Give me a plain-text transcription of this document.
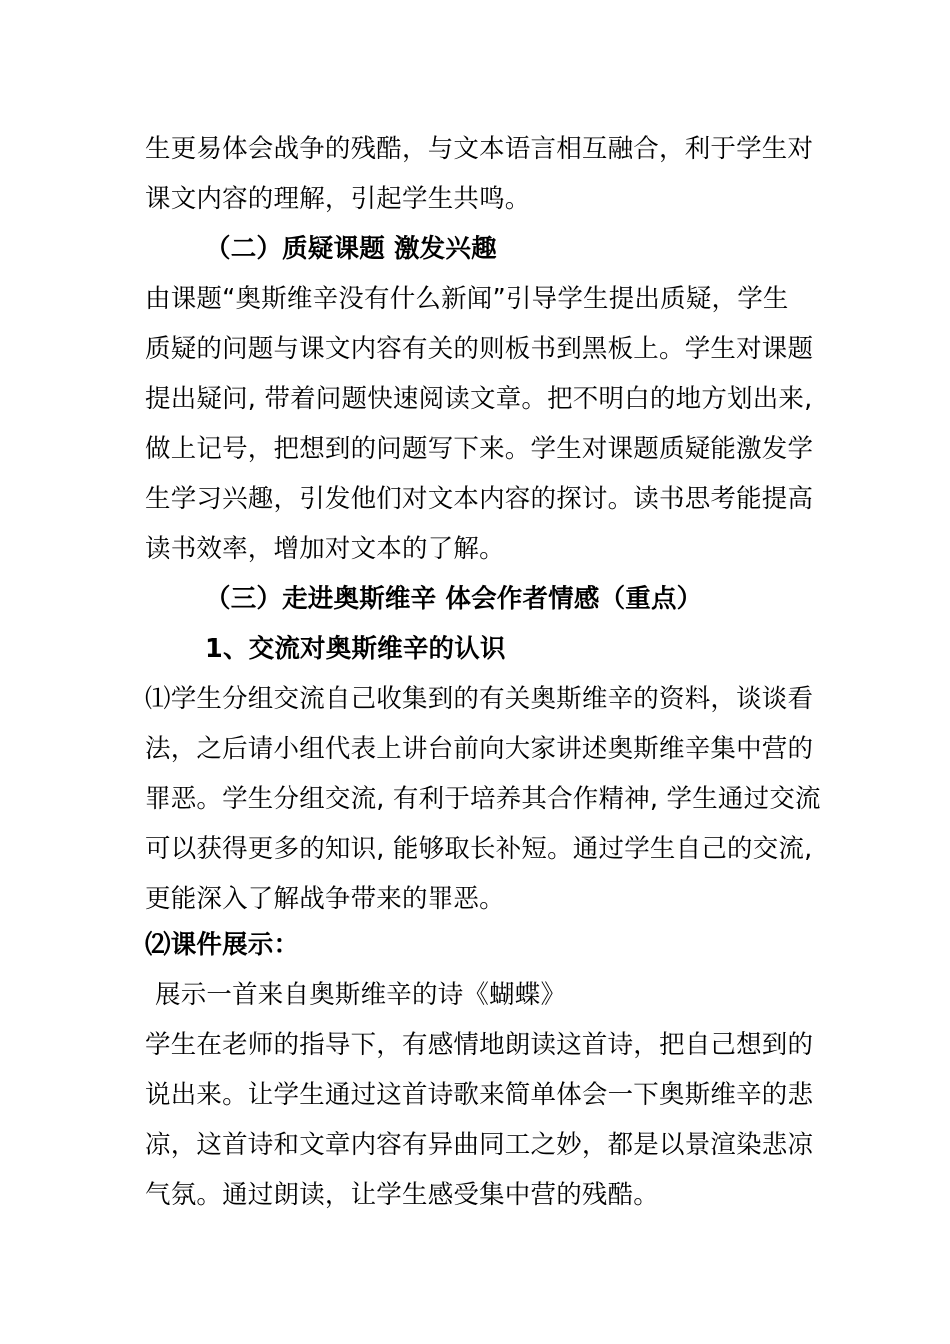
生更易体会战争的残酷，与文本语言相互融合，利于学生对
课文内容的理解，引起学生共鸣。
（二）质疑课题 激发兴趣
由课题“奥斯维辛没有什么新闻”引导学生提出质疑，学生
质疑的问题与课文内容有关的则板书到黑板上。学生对课题
提出疑问, 带着问题快速阅读文章。把不明白的地方划出来,
做上记号，把想到的问题写下来。学生对课题质疑能激发学
生学习兴趣，引发他们对文本内容的探讨。读书思考能提高
读书效率，增加对文本的了解。
（三）走进奥斯维辛 体会作者情感（重点）
1、交流对奥斯维辛的认识
⑴学生分组交流自己收集到的有关奥斯维辛的资料，谈谈看
法，之后请小组代表上讲台前向大家讲述奥斯维辛集中营的
罪恶。学生分组交流, 有利于培养其合作精神, 学生通过交流
可以获得更多的知识, 能够取长补短。通过学生自己的交流,
更能深入了解战争带来的罪恶。
⑵课件展示：
展示一首来自奥斯维辛的诗《蝴蝶》
学生在老师的指导下，有感情地朗读这首诗，把自己想到的
说出来。让学生通过这首诗歌来简单体会一下奥斯维辛的悲
凉，这首诗和文章内容有异曲同工之妙，都是以景渲染悲凉
气氛。通过朗读，让学生感受集中营的残酷。
